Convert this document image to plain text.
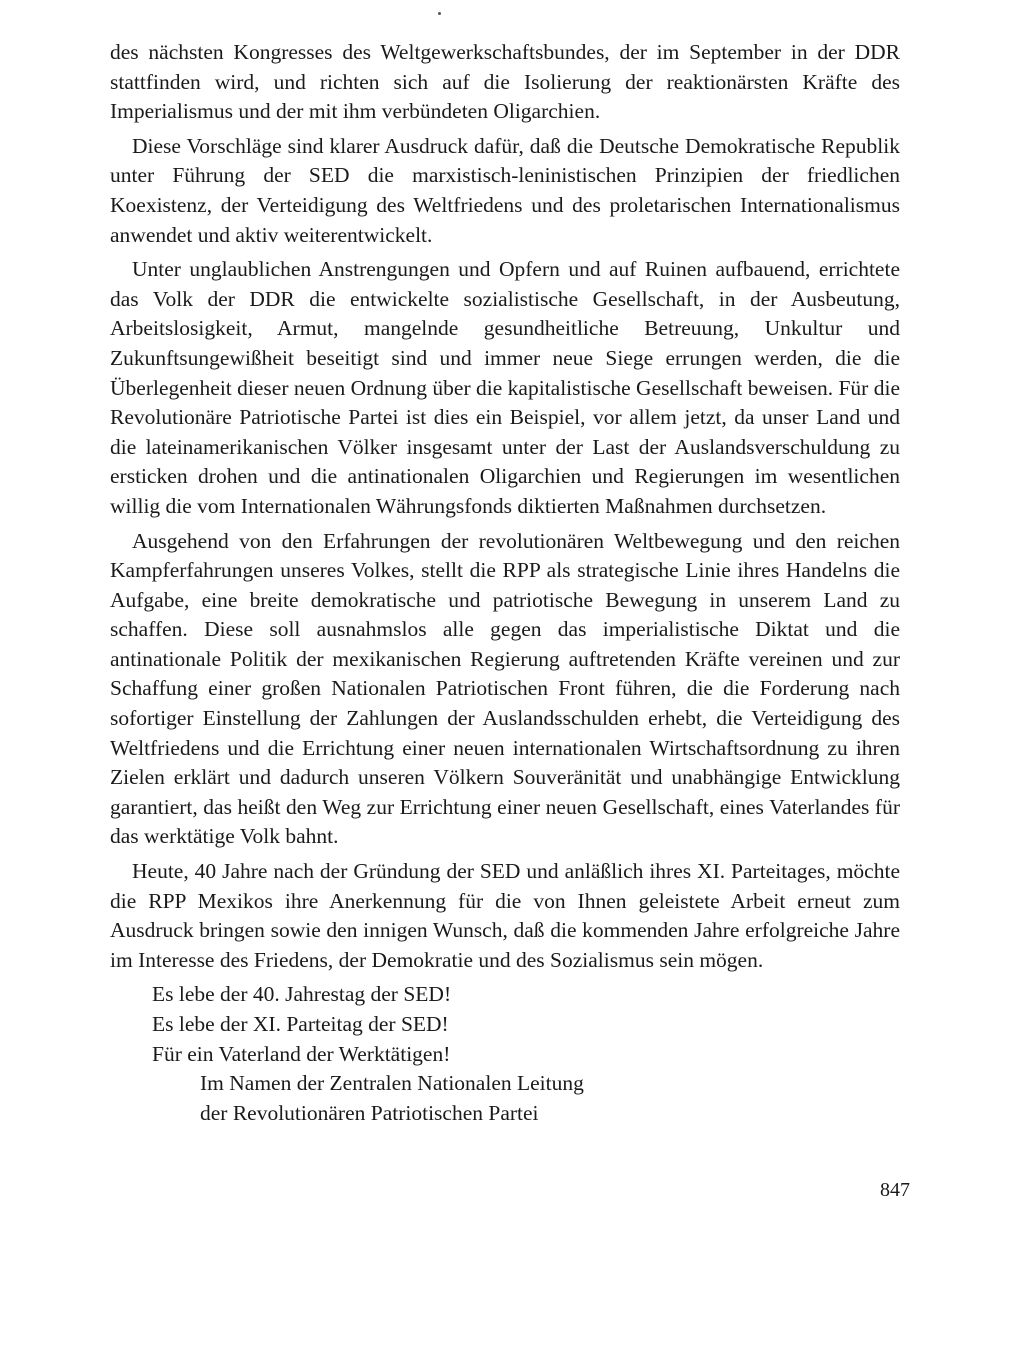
des nächsten Kongresses des Weltgewerkschaftsbundes, der im September in der DDR stattfinden wird, und richten sich auf die Isolierung der reaktionärsten Kräfte des Imperialismus und der mit ihm verbündeten Oligarchien.

Diese Vorschläge sind klarer Ausdruck dafür, daß die Deutsche Demokratische Republik unter Führung der SED die marxistisch-leninistischen Prinzipien der friedlichen Koexistenz, der Verteidigung des Weltfriedens und des proletarischen Internationalismus anwendet und aktiv weiterentwickelt.

Unter unglaublichen Anstrengungen und Opfern und auf Ruinen aufbauend, errichtete das Volk der DDR die entwickelte sozialistische Gesellschaft, in der Ausbeutung, Arbeitslosigkeit, Armut, mangelnde gesundheitliche Betreuung, Unkultur und Zukunftsungewißheit beseitigt sind und immer neue Siege errungen werden, die die Überlegenheit dieser neuen Ordnung über die kapitalistische Gesellschaft beweisen. Für die Revolutionäre Patriotische Partei ist dies ein Beispiel, vor allem jetzt, da unser Land und die lateinamerikanischen Völker insgesamt unter der Last der Auslandsverschuldung zu ersticken drohen und die antinationalen Oligarchien und Regierungen im wesentlichen willig die vom Internationalen Währungsfonds diktierten Maßnahmen durchsetzen.

Ausgehend von den Erfahrungen der revolutionären Weltbewegung und den reichen Kampferfahrungen unseres Volkes, stellt die RPP als strategische Linie ihres Handelns die Aufgabe, eine breite demokratische und patriotische Bewegung in unserem Land zu schaffen. Diese soll ausnahmslos alle gegen das imperialistische Diktat und die antinationale Politik der mexikanischen Regierung auftretenden Kräfte vereinen und zur Schaffung einer großen Nationalen Patriotischen Front führen, die die Forderung nach sofortiger Einstellung der Zahlungen der Auslandsschulden erhebt, die Verteidigung des Weltfriedens und die Errichtung einer neuen internationalen Wirtschaftsordnung zu ihren Zielen erklärt und dadurch unseren Völkern Souveränität und unabhängige Entwicklung garantiert, das heißt den Weg zur Errichtung einer neuen Gesellschaft, eines Vaterlandes für das werktätige Volk bahnt.

Heute, 40 Jahre nach der Gründung der SED und anläßlich ihres XI. Parteitages, möchte die RPP Mexikos ihre Anerkennung für die von Ihnen geleistete Arbeit erneut zum Ausdruck bringen sowie den innigen Wunsch, daß die kommenden Jahre erfolgreiche Jahre im Interesse des Friedens, der Demokratie und des Sozialismus sein mögen.

Es lebe der 40. Jahrestag der SED!

Es lebe der XI. Parteitag der SED!

Für ein Vaterland der Werktätigen!

Im Namen der Zentralen Nationalen Leitung

der Revolutionären Patriotischen Partei

847
